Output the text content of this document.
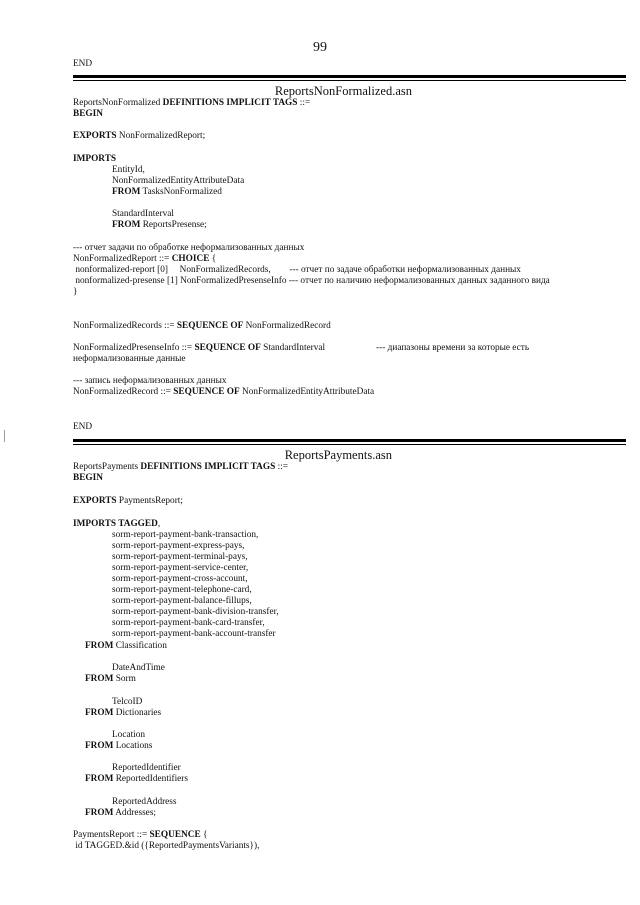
99
END
ReportsNonFormalized.asn
ReportsNonFormalized DEFINITIONS IMPLICIT TAGS ::=
BEGIN
EXPORTS NonFormalizedReport;
IMPORTS
EntityId,
NonFormalizedEntityAttributeData
FROM TasksNonFormalized
StandardInterval
FROM ReportsPresense;
--- отчет задачи по обработке неформализованных данных
NonFormalizedReport ::= CHOICE {
nonformalized-report [0]     NonFormalizedRecords,        --- отчет по задаче обработки неформализованных данных
nonformalized-presense [1] NonFormalizedPresenseInfo --- отчет по наличию неформализованных данных заданного вида
}
NonFormalizedRecords ::= SEQUENCE OF NonFormalizedRecord
NonFormalizedPresenseInfo ::= SEQUENCE OF StandardInterval	--- диапазоны времени за которые есть
неформализованные данные
--- запись неформализованных данных
NonFormalizedRecord ::= SEQUENCE OF NonFormalizedEntityAttributeData
END
ReportsPayments.asn
ReportsPayments DEFINITIONS IMPLICIT TAGS ::=
BEGIN
EXPORTS PaymentsReport;
IMPORTS TAGGED,
sorm-report-payment-bank-transaction,
sorm-report-payment-express-pays,
sorm-report-payment-terminal-pays,
sorm-report-payment-service-center,
sorm-report-payment-cross-account,
sorm-report-payment-telephone-card,
sorm-report-payment-balance-fillups,
sorm-report-payment-bank-division-transfer,
sorm-report-payment-bank-card-transfer,
sorm-report-payment-bank-account-transfer
FROM Classification
DateAndTime
FROM Sorm
TelcoID
FROM Dictionaries
Location
FROM Locations
ReportedIdentifier
FROM ReportedIdentifiers
ReportedAddress
FROM Addresses;
PaymentsReport ::= SEQUENCE {
id TAGGED.&id ({ReportedPaymentsVariants}),
